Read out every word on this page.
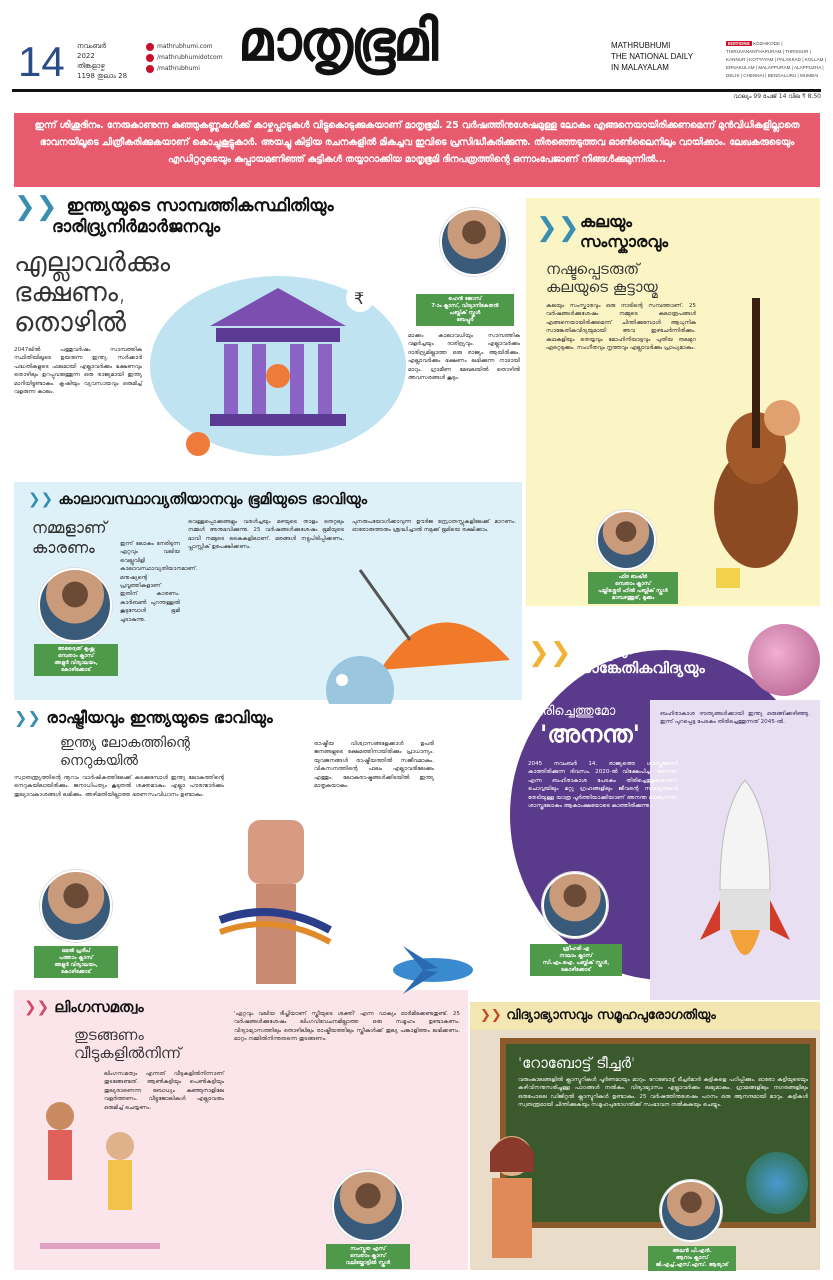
14 നവംബർ
2022
തിങ്കളാഴ്ച
1198 തുലാം 28
mathrubhumi.com
/mathrubhumidotcom
/mathrubhumi മാതൃഭൂമി	MATHRUBHUMI
THE NATIONAL DAILY
IN MALAYALAM
EDITIONS KOZHIKODE | THIRUVANANTHAPURAM | THRISSUR | KANNUR | KOTTAYAM | PALAKKAD | KOLLAM | ERNAKULAM | MALAPPURAM | ALAPPUZHA | DELHI | CHENNAI | BENGALURU | MUMBAI
വാല്യം 99 പേജ് 14 വില ₹ 8.50
ഇന്ന് ശിശുദിനം. നേരുകാണുന്ന കുഞ്ഞുകണ്ണുകൾക്ക് കാഴ്ചപ്പാടുകൾ വിട്ടുകൊടുക്കുകയാണ് മാതൃഭൂമി. 25 വർഷത്തിനുശേഷമുള്ള ലോകം എങ്ങനെയായിരിക്കണമെന്ന് മുൻവിധികളില്ലാതെ ഭാവനയിലൂടെ ചിത്രീകരിക്കുകയാണ് കൊച്ചുകൂട്ടുകാർ. അയച്ചു കിട്ടിയ രചനകളിൽ മികച്ചവ ഇവിടെ പ്രസിദ്ധീകരിക്കുന്നു. തിരഞ്ഞെടുത്തവ ഓൺലൈനിലും വായിക്കാം. ലേഖകരുടെയും എഡിറ്ററുടെയും കുപ്പായമണിഞ്ഞ് കുട്ടികൾ തയ്യാറാക്കിയ മാതൃഭൂമി ദിനപത്രത്തിന്റെ ഒന്നാംപേജാണ് നിങ്ങൾക്കുമുന്നിൽ...
❯❯ ഇന്ത്യയുടെ സാമ്പത്തികസ്ഥിതിയും
ദാരിദ്ര്യനിർമാർജനവും
എല്ലാവർക്കും
ഭക്ഷണം,
തൊഴിൽ
2047ലിൽ പത്തുവർഷം സാമ്പത്തിക സ്ഥിതിയിലൂടെ ഉയരുന്ന ഇന്ത്യ. സർക്കാർ പദ്ധതികളുടെ ഫലമായി എല്ലാവർക്കും ഭക്ഷണവും തൊഴിലും ഉറപ്പുവരുത്തുന്ന ഒരു രാജ്യമായി ഇന്ത്യ മാറിയിട്ടുണ്ടാകും. കൃഷിയും വ്യവസായവും ഒരുമിച്ച് വളരുന്ന കാലം.
₹	ഹെൻ ജോസ്
7-ാം ക്ലാസ്, വിദ്യാനികേതൻ
പബ്ലിക് സ്കൂൾ
ബേപ്പൂർ
മാക്കം കാലാവധിയും സാമ്പത്തിക വളർച്ചയും ദാരിദ്ര്യവും. എല്ലാവർക്കും ദാരിദ്ര്യമില്ലാത്ത ഒരു രാജ്യം ആയിരിക്കും. എല്ലാവർക്കും ഭക്ഷണം ലഭിക്കുന്ന നാടായി മാറും. ഗ്രാമീണ മേഖലയിൽ തൊഴിൽ അവസരങ്ങൾ കൂടും.
❯❯ കലയും
സംസ്കാരവും
നഷ്ടപ്പെടരുത്
കലയുടെ കൂട്ടായ്മ
കലയും സംസ്കാരവും ഒരു നാടിന്റെ സമ്പത്താണ്. 25 വർഷങ്ങൾക്കുശേഷം നമ്മുടെ കലാരൂപങ്ങൾ എങ്ങനെയായിരിക്കുമെന്ന് ചിന്തിക്കുമ്പോൾ ആധുനിക സാങ്കേതികവിദ്യയുമായി അവ ഇഴചേർന്നിരിക്കും. കഥകളിയും തെയ്യവും മോഹിനിയാട്ടവും പുതിയ തലമുറ ഏറ്റെടുക്കും. സംഗീതവും നൃത്തവും എല്ലാവർക്കും പ്രാപ്യമാകും.
ഫിദ ബഷീർ
ഒമ്പതാം ക്ലാസ്
പല്ലിശ്ശേരി ഹിൽ പബ്ലിക് സ്കൂൾ
മാമ്പഴത്തൂര്, മൂക്കം
❯❯ കാലാവസ്ഥാവ്യതിയാനവും ഭൂമിയുടെ ഭാവിയും
നമ്മളാണ്
കാരണം
അദ്വൈത് കൃഷ്ണ
ഒമ്പതാം ക്ലാസ്
അളുർ വിദ്യാലയം,
കോഴിക്കോട്
ഇന്ന് ലോകം നേരിടുന്ന ഏറ്റവും വലിയ വെല്ലുവിളി കാലാവസ്ഥാവ്യതിയാനമാണ്. മനുഷ്യന്റെ പ്രവൃത്തികളാണ് ഇതിന് കാരണം. കാർബൺ പുറന്തള്ളൽ കൂടുമ്പോൾ ഭൂമി ചൂടാകുന്നു.
വെള്ളപ്പൊക്കങ്ങളും വരൾച്ചയും മഴയുടെ താളം തെറ്റലും നമ്മൾ അനുഭവിക്കുന്നു. 25 വർഷങ്ങൾക്കുശേഷം ഭൂമിയുടെ ഭാവി നമ്മുടെ കൈകളിലാണ്. മരങ്ങൾ നട്ടുപിടിപ്പിക്കണം, പ്ലാസ്റ്റിക് ഉപേക്ഷിക്കണം.
പുനരുപയോഗിക്കാവുന്ന ഊർജ സ്രോതസ്സുകളിലേക്ക് മാറണം. ഓരോരുത്തരും ശ്രദ്ധിച്ചാൽ നമുക്ക് ഭൂമിയെ രക്ഷിക്കാം.
❯❯ രാഷ്ട്രീയവും ഇന്ത്യയുടെ ഭാവിയും
ഇന്ത്യ ലോകത്തിന്റെ നെറുകയിൽ
സ്വാതന്ത്ര്യത്തിന്റെ നൂറാം വാർഷികത്തിലേക്ക് കടക്കുമ്പോൾ ഇന്ത്യ ലോകത്തിന്റെ നെറുകയിലായിരിക്കും. ജനാധിപത്യം കൂടുതൽ ശക്തമാകും. എല്ലാ പൗരന്മാർക്കും തുല്യാവകാശങ്ങൾ ലഭിക്കും. അഴിമതിയില്ലാത്ത ഭരണസംവിധാനം ഉണ്ടാകും.
രാഷ്ട്രീയ വിശ്വാസങ്ങളേക്കാൾ ഉപരി ജനങ്ങളുടെ ക്ഷേമത്തിനായിരിക്കും പ്രാധാന്യം. യുവജനങ്ങൾ രാഷ്ട്രീയത്തിൽ സജീവമാകും. വികസനത്തിന്റെ ഫലം എല്ലാവരിലേക്കും എത്തും. ലോകരാഷ്ട്രങ്ങൾക്കിടയിൽ ഇന്ത്യ മാതൃകയാകും.
ഒമൽ പ്രദീപ്
പത്താം ക്ലാസ്
അളുർ വിദ്യാലയം,
കോഴിക്കോട്
❯❯ ശാസ്ത്രവും
സാങ്കേതികവിദ്യയും
തിരിച്ചെത്തുമോ
'അനന്ത'
ബഹിരാകാശ ദൗത്യങ്ങൾക്കായി ഇന്ത്യ ഒരുങ്ങിക്കഴിഞ്ഞു. ഇന്ന് പുറപ്പെട്ട പേടകം തിരിച്ചെത്തുന്നത് 2045-ൽ.
2045 നവംബർ 14. രാജ്യത്തെ ശാസ്ത്രജ്ഞർ കാത്തിരിക്കുന്ന ദിവസം. 2020-ൽ വിക്ഷേപിച്ച 'അനന്ത' എന്ന ബഹിരാകാശ പേടകം തിരിച്ചെത്തുകയാണ്. ചൊവ്വയിലും മറ്റു ഗ്രഹങ്ങളിലും ജീവന്റെ സാധ്യതകൾ തേടിയുള്ള യാത്ര പൂർത്തിയാക്കിയാണ് അനന്ത മടങ്ങുന്നത്. ശാസ്ത്രലോകം ആകാംക്ഷയോടെ കാത്തിരിക്കുന്നു.
ശ്രീഹരി എ
നാലാം ക്ലാസ്
സി.എം.ഐ. പബ്ലിക് സ്കൂൾ,
കോഴിക്കോട്
❯❯ ലിംഗസമത്വം
തുടങ്ങണം
വീടുകളിൽനിന്ന്
ലിംഗസമത്വം എന്നത് വീടുകളിൽനിന്നാണ് തുടങ്ങേണ്ടത്. ആൺകുട്ടിയും പെൺകുട്ടിയും തുല്യരാണെന്ന ബോധ്യം കുഞ്ഞുനാളിലേ വളർത്തണം. വീട്ടുജോലികൾ എല്ലാവരും ഒരുമിച്ച് ചെയ്യണം.
'ഏറ്റവും വലിയ ദീപ്തിയാണ് സ്ത്രീയുടെ ശക്തി' എന്ന വാക്യം ഓർമിക്കേണ്ടതുണ്ട്. 25 വർഷങ്ങൾക്കുശേഷം ലിംഗവിവേചനമില്ലാത്ത ഒരു സമൂഹം ഉണ്ടാകണം. വിദ്യാഭ്യാസത്തിലും തൊഴിലിലും രാഷ്ട്രീയത്തിലും സ്ത്രീകൾക്ക് തുല്യ പങ്കാളിത്തം ലഭിക്കണം. മാറ്റം നമ്മിൽനിന്നുതന്നെ തുടങ്ങണം.
സംസ്കൃത എസ്
ഒമ്പതാം ക്ലാസ്
വലിയ്ക്കോട്ടിൽ സ്കൂൾ
❯❯ വിദ്യാഭ്യാസവും സമൂഹപുരോഗതിയും
'റോബോട്ട് ടീച്ചർ'
വരുംകാലങ്ങളിൽ ക്ലാസ്മുറികൾ പൂർണമായും മാറും. റോബോട്ട് ടീച്ചർമാർ കുട്ടികളെ പഠിപ്പിക്കും. ഓരോ കുട്ടിയുടെയും കഴിവിനനുസരിച്ചുള്ള പാഠങ്ങൾ നൽകും. വിദ്യാഭ്യാസം എല്ലാവർക്കും ലഭ്യമാകും. ഗ്രാമങ്ങളിലും നഗരങ്ങളിലും ഒരുപോലെ ഡിജിറ്റൽ ക്ലാസ്മുറികൾ ഉണ്ടാകും. 25 വർഷത്തിനുശേഷം പഠനം ഒരു ആനന്ദമായി മാറും. കുട്ടികൾ സ്വതന്ത്രമായി ചിന്തിക്കുകയും സമൂഹപുരോഗതിക്ക് സംഭാവന നൽകുകയും ചെയ്യും.
അലൻ പി.എൻ.
ആറാം ക്ലാസ്
ജി.എച്ച്.എസ്.എസ്. ആര്യാട്
